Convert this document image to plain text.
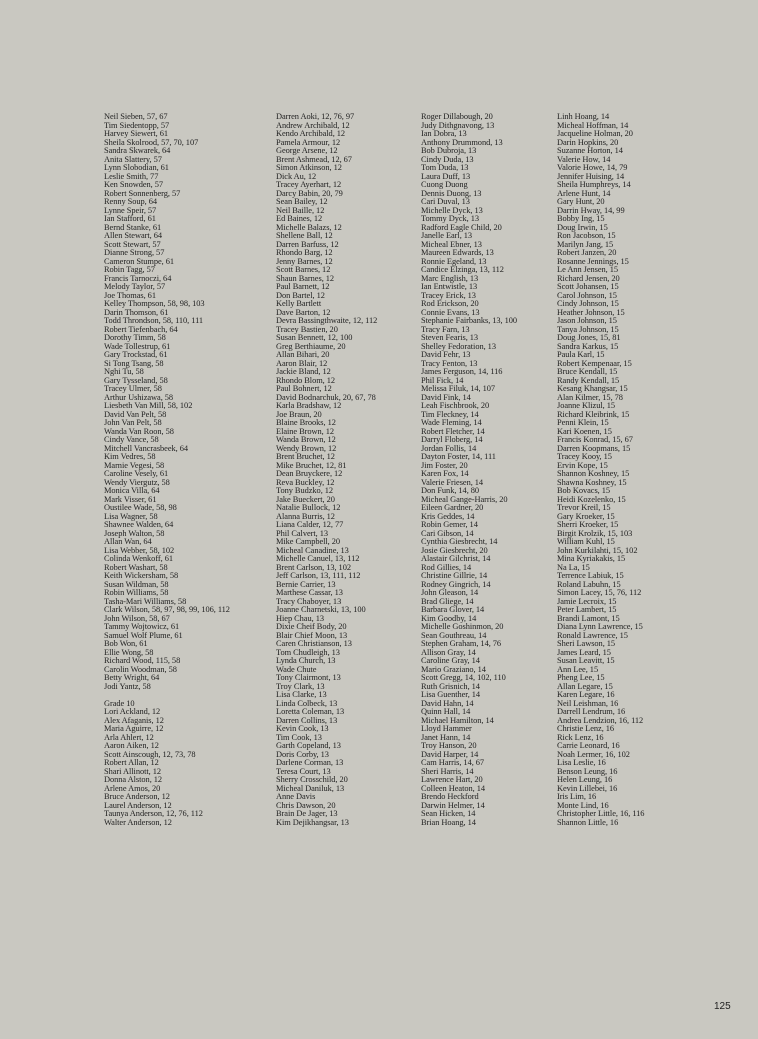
Neil Sieben, 57, 67
Tim Siedentopp, 57
Harvey Siewert, 61
Sheila Skolrood, 57, 70, 107
Sandra Skwarek, 64
Anita Slattery, 57
Lynn Slobodian, 61
Leslie Smith, 77
Ken Snowden, 57
Robert Sonnenberg, 57
Renny Soup, 64
Lynne Speir, 57
Ian Stafford, 61
Bernd Stanke, 61
Allen Stewart, 64
Scott Stewart, 57
Dianne Strong, 57
Cameron Stumpe, 61
Robin Tagg, 57
Francis Tarnoczi, 64
Melody Taylor, 57
Joe Thomas, 61
Kelley Thompson, 58, 98, 103
Darin Thomson, 61
Todd Throndson, 58, 110, 111
Robert Tiefenbach, 64
Dorothy Timm, 58
Wade Tollestrup, 61
Gary Trockstad, 61
Si Tong Tsang, 58
Nghi Tu, 58
Gary Tysseland, 58
Tracey Ulmer, 58
Arthur Ushizawa, 58
Liesbeth Van Mill, 58, 102
David Van Pelt, 58
John Van Pelt, 58
Wanda Van Roon, 58
Cindy Vance, 58
Mitchell Vancrasbeek, 64
Kim Vedres, 58
Marnie Vegesi, 58
Caroline Vesely, 61
Wendy Viergutz, 58
Monica Villa, 64
Mark Visser, 61
Oustilee Wade, 58, 98
Lisa Wagner, 58
Shawnee Walden, 64
Joseph Walton, 58
Allan Wan, 64
Lisa Webber, 58, 102
Colinda Wenkoff, 61
Robert Washart, 58
Keith Wickersham, 58
Susan Wildman, 58
Robin Williams, 58
Tasha-Mari Williams, 58
Clark Wilson, 58, 97, 98, 99, 106, 112
John Wilson, 58, 67
Tammy Wojtowicz, 61
Samuel Wolf Plume, 61
Bob Won, 61
Ellie Wong, 58
Richard Wood, 115, 58
Carolin Woodman, 58
Betty Wright, 64
Jodi Yantz, 58
Grade 10
Lori Ackland, 12
Alex Afaganis, 12
Maria Aguirre, 12
Arla Ahlert, 12
Aaron Aiken, 12
Scott Ainscough, 12, 73, 78
Robert Allan, 12
Shari Allinott, 12
Donna Alston, 12
Arlene Amos, 20
Bruce Anderson, 12
Laurel Anderson, 12
Taunya Anderson, 12, 76, 112
Walter Anderson, 12
Darren Aoki, 12, 76, 97
Andrew Archibald, 12
Kendo Archibald, 12
Pamela Armour, 12
George Arsene, 12
Brent Ashmead, 12, 67
Simon Atkinson, 12
Dick Au, 12
Tracey Ayerhart, 12
Darcy Babin, 20, 79
Sean Bailey, 12
Neil Baille, 12
Ed Baines, 12
Michelle Balazs, 12
Shellene Ball, 12
Darren Barfuss, 12
Rhondo Barg, 12
Jenny Barnes, 12
Scott Barnes, 12
Shaun Barnes, 12
Paul Barnett, 12
Don Bartel, 12
Kelly Bartlett
Dave Barton, 12
Devra Bassingthwaite, 12, 112
Tracey Bastien, 20
Susan Bennett, 12, 100
Greg Berthiaume, 20
Allan Bihari, 20
Aaron Blair, 12
Jackie Bland, 12
Rhondo Blom, 12
Paul Bohnert, 12
David Bodnarchuk, 20, 67, 78
Karla Bradshaw, 12
Joe Braun, 20
Blaine Brooks, 12
Elaine Brown, 12
Wanda Brown, 12
Wendy Brown, 12
Brent Bruchet, 12
Mike Bruchet, 12, 81
Dean Bruyckere, 12
Reva Buckley, 12
Tony Budzko, 12
Jake Bueckert, 20
Natalie Bullock, 12
Alanna Burris, 12
Liana Calder, 12, 77
Phil Calvert, 13
Mike Campbell, 20
Micheal Canadine, 13
Michelle Canuel, 13, 112
Brent Carlson, 13, 102
Jeff Carlson, 13, 111, 112
Bernie Carrier, 13
Marthese Cassar, 13
Tracy Chaboyer, 13
Joanne Charnetski, 13, 100
Hiep Chau, 13
Dixie Cheif Body, 20
Blair Chief Moon, 13
Caren Christianson, 13
Tom Chudleigh, 13
Lynda Church, 13
Wade Chute
Tony Clairmont, 13
Troy Clark, 13
Lisa Clarke, 13
Linda Colbeck, 13
Loretta Coleman, 13
Darren Collins, 13
Kevin Cook, 13
Tim Cook, 13
Garth Copeland, 13
Doris Corby, 13
Darlene Corman, 13
Teresa Court, 13
Sherry Crosschild, 20
Micheal Daniluk, 13
Anne Davis
Chris Dawson, 20
Brain De Jager, 13
Kim Dejikhangsar, 13
Roger Dillabough, 20
Judy Dithgnavong, 13
Ian Dobra, 13
Anthony Drummond, 13
Bob Dubroja, 13
Cindy Duda, 13
Tom Duda, 13
Laura Duff, 13
Cuong Duong
Dennis Duong, 13
Cari Duval, 13
Michelle Dyck, 13
Tommy Dyck, 13
Radford Eagle Child, 20
Janelle Earl, 13
Micheal Ebner, 13
Maureen Edwards, 13
Ronnie Egeland, 13
Candice Elzinga, 13, 112
Marc English, 13
Ian Entwistle, 13
Tracey Erick, 13
Rod Erickson, 20
Connie Evans, 13
Stephanie Fairbanks, 13, 100
Tracy Farn, 13
Steven Fearis, 13
Shelley Fedoration, 13
David Fehr, 13
Tracy Fenton, 13
James Ferguson, 14, 116
Phil Fick, 14
Melissa Filuk, 14, 107
David Fink, 14
Leah Fischbrook, 20
Tim Fleckney, 14
Wade Fleming, 14
Robert Fletcher, 14
Darryl Floberg, 14
Jordan Follis, 14
Dayton Foster, 14, 111
Jim Foster, 20
Karen Fox, 14
Valerie Friesen, 14
Don Funk, 14, 80
Micheal Gange-Harris, 20
Eileen Gardner, 20
Kris Geddes, 14
Robin Gemer, 14
Cari Gibson, 14
Cynthia Giesbrecht, 14
Josie Giesbrecht, 20
Alastair Gilchrist, 14
Rod Gillies, 14
Christine Gillrie, 14
Rodney Gingrich, 14
John Gleason, 14
Brad Gliege, 14
Barbara Glover, 14
Kim Goodby, 14
Michelle Goshinmon, 20
Sean Gouthreau, 14
Stephen Graham, 14, 76
Allison Gray, 14
Caroline Gray, 14
Mario Graziano, 14
Scott Gregg, 14, 102, 110
Ruth Grisnich, 14
Lisa Guenther, 14
David Hahn, 14
Quinn Hall, 14
Michael Hamilton, 14
Lloyd Hammer
Janet Hann, 14
Troy Hanson, 20
David Harper, 14
Cam Harris, 14, 67
Sheri Harris, 14
Lawrence Hart, 20
Colleen Heaton, 14
Brendo Heckford
Darwin Helmer, 14
Sean Hicken, 14
Brian Hoang, 14
Linh Hoang, 14
Micheal Hoffman, 14
Jacqueline Holman, 20
Darin Hopkins, 20
Suzanne Horton, 14
Valerie How, 14
Valorie Howe, 14, 79
Jennifer Huising, 14
Sheila Humphreys, 14
Arlene Hunt, 14
Gary Hunt, 20
Darrin Hway, 14, 99
Bobby Ing, 15
Doug Irwin, 15
Ron Jacobson, 15
Marilyn Jang, 15
Robert Janzen, 20
Rosanne Jennings, 15
Le Ann Jensen, 15
Richard Jensen, 20
Scott Johansen, 15
Carol Johnson, 15
Cindy Johnson, 15
Heather Johnson, 15
Jason Johnson, 15
Tanya Johnson, 15
Doug Jones, 15, 81
Sandra Karkus, 15
Paula Karl, 15
Robert Kempenaar, 15
Bruce Kendall, 15
Randy Kendall, 15
Kesang Khangsar, 15
Alan Kilmer, 15, 78
Joanne Klizul, 15
Richard Kleibrink, 15
Penni Klein, 15
Kari Koenen, 15
Francis Konrad, 15, 67
Darren Koopmans, 15
Tracey Kooy, 15
Ervin Kope, 15
Shannon Koshney, 15
Shawna Koshney, 15
Bob Kovacs, 15
Heidi Kozelenko, 15
Trevor Kreil, 15
Gary Kroeker, 15
Sherri Kroeker, 15
Birgit Krolzik, 15, 103
William Kuhl, 15
John Kurkilahti, 15, 102
Mina Kyriakakis, 15
Na La, 15
Terrence Labiuk, 15
Roland Labuhn, 15
Simon Lacey, 15, 76, 112
Jamie Lecroix, 15
Peter Lambert, 15
Brandi Lamont, 15
Diana Lynn Lawrence, 15
Ronald Lawrence, 15
Sheri Lawson, 15
James Leard, 15
Susan Leavitt, 15
Ann Lee, 15
Pheng Lee, 15
Allan Legare, 15
Karen Legare, 16
Neil Leishman, 16
Darrell Lendrum, 16
Andrea Lendzion, 16, 112
Christie Lenz, 16
Rick Lenz, 16
Carrie Leonard, 16
Noah Lermer, 16, 102
Lisa Leslie, 16
Benson Leung, 16
Helen Leung, 16
Kevin Lillebei, 16
Iris Lim, 16
Monte Lind, 16
Christopher Little, 16, 116
Shannon Little, 16
125
